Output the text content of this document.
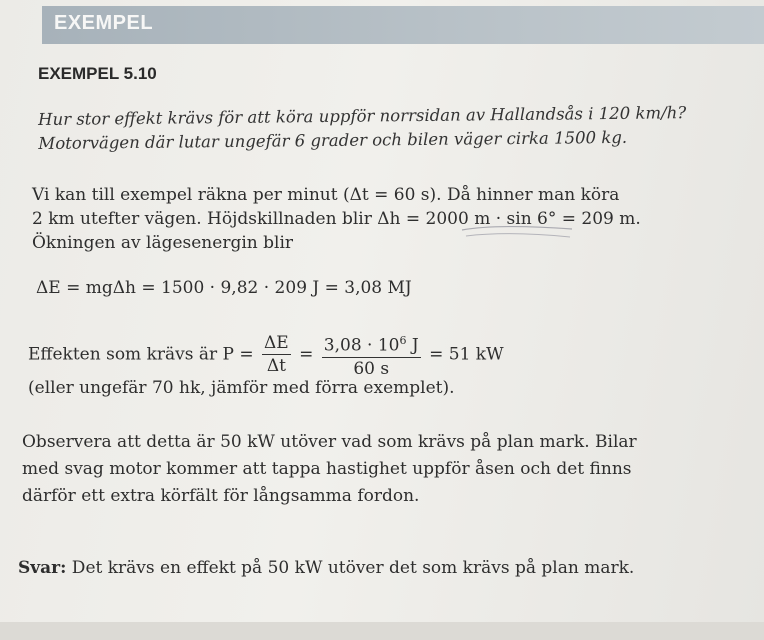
EXEMPEL
EXEMPEL 5.10
Hur stor effekt krävs för att köra uppför norrsidan av Hallandsås i 120 km/h?
Motorvägen där lutar ungefär 6 grader och bilen väger cirka 1500 kg.
Vi kan till exempel räkna per minut (Δt = 60 s). Då hinner man köra
2 km utefter vägen. Höjdskillnaden blir Δh = 2000 m · sin 6° = 209 m.
Ökningen av lägesenergin blir
ΔE = mgΔh = 1500 · 9,82 · 209 J = 3,08 MJ
Effekten som krävs är $P = \frac{\Delta E}{\Delta t} = \frac{3,08 \cdot 10^6 J}{60 s} = 51$ kW
(eller ungefär 70 hk, jämför med förra exemplet).
Observera att detta är 50 kW utöver vad som krävs på plan mark. Bilar
med svag motor kommer att tappa hastighet uppför åsen och det finns
därför ett extra körfält för långsamma fordon.
Svar: Det krävs en effekt på 50 kW utöver det som krävs på plan mark.
